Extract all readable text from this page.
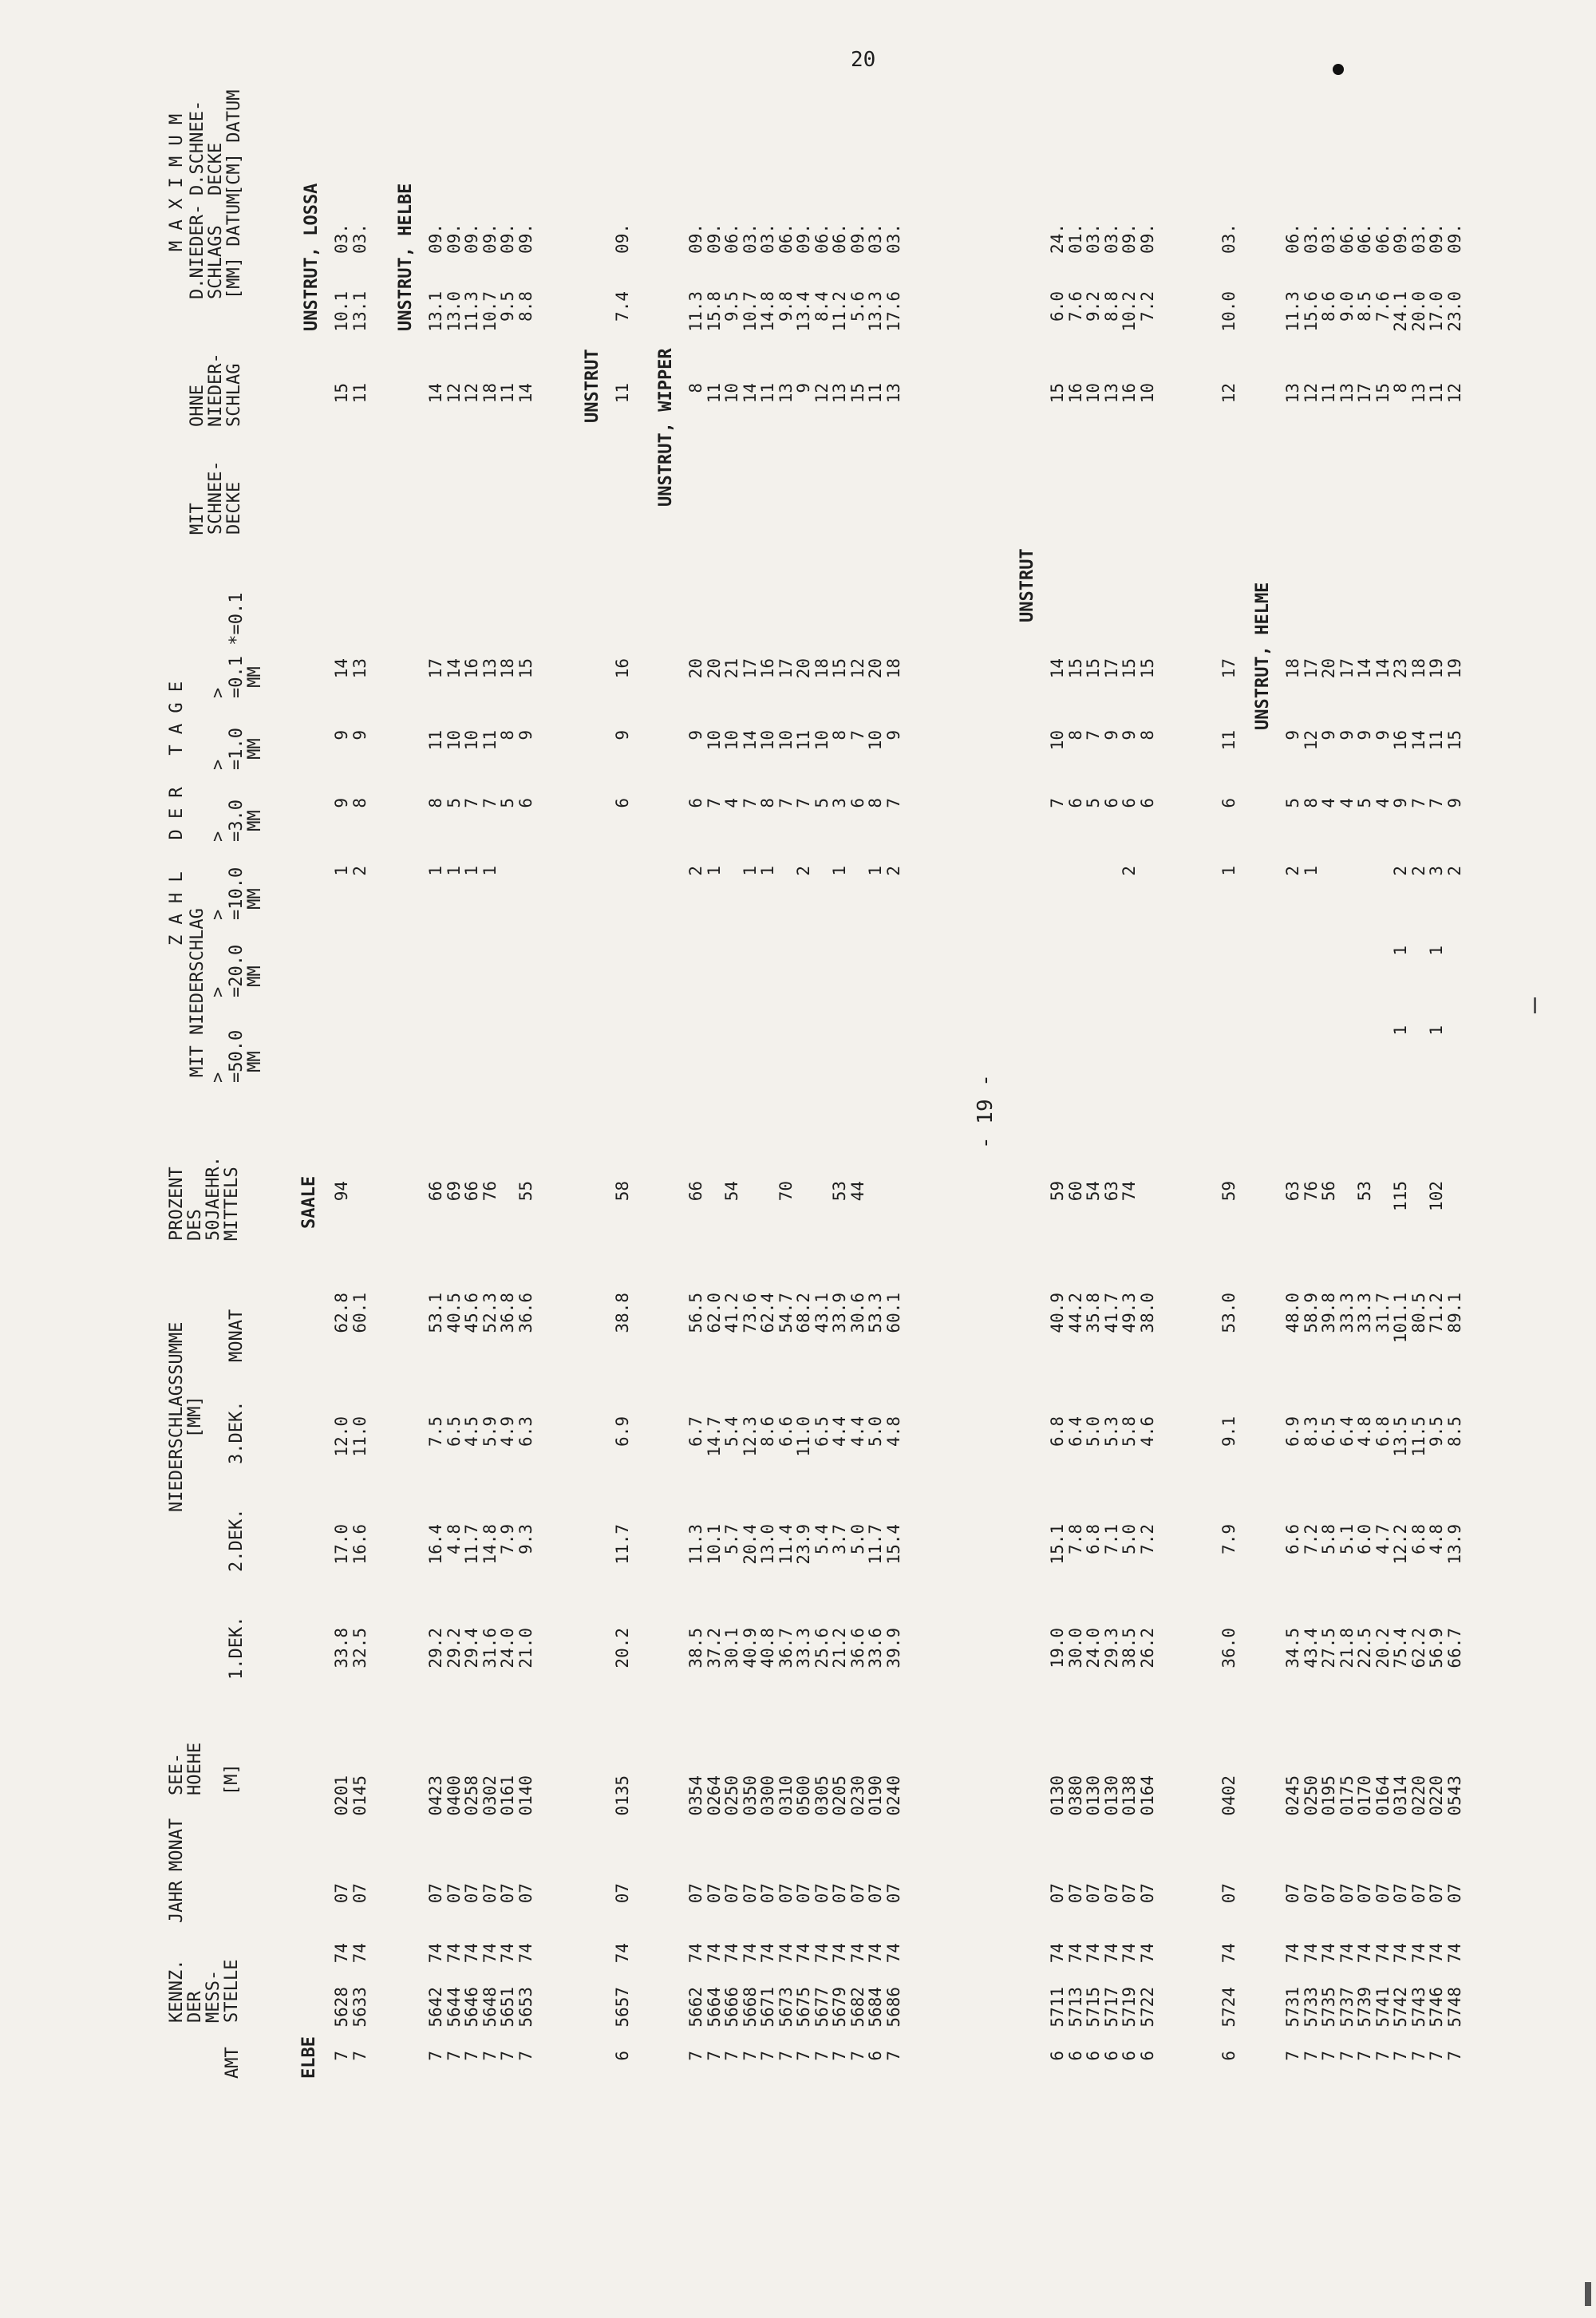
20
- 19 -
AMT
KENNZ.
DER
MESS-
STELLE
JAHR
MONAT
SEE-
HOEHE

[M]
NIEDERSCHLAGSSUMME
[MM]
1.DEK.
2.DEK.
3.DEK.
MONAT
PROZENT
DES
50JAEHR.
MITTELS
Z A H L   D E R   T A G E
MIT NIEDERSCHLAG
>
=50.0
MM
>
=20.0
MM
>
=10.0
MM
>
=3.0
MM
>
=1.0
MM
>
=0.1 *=0.1
MM
MIT
SCHNEE-
DECKE
OHNE
NIEDER-
SCHLAG
M A X I M U M
D.NIEDER-
SCHLAGS
[MM] DATUM
D.SCHNEE-
DECKE
[CM] DATUM
ELBE
SAALE
UNSTRUT, LOSSA
7
5628
74
07
0201
33.8
17.0
12.0
62.8
94
1
9
9
14
15
10.1
03.
7
5633
74
07
0145
32.5
16.6
11.0
60.1
2
8
9
13
11
13.1
03. UNSTRUT, HELBE
7
5642
74
07
0423
29.2
16.4
7.5
53.1
66
1
8
11
17
14
13.1
09.
7
5644
74
07
0400
29.2
4.8
6.5
40.5
69
1
5
10
14
12
13.0
09.
7
5646
74
07
0258
29.4
11.7
4.5
45.6
66
1
7
10
16
12
11.3
09.
7
5648
74
07
0302
31.6
14.8
5.9
52.3
76
1
7
11
13
18
10.7
09.
7
5651
74
07
0161
24.0
7.9
4.9
36.8
5
8
18
11
9.5
09.
7
5653
74
07
0140
21.0
9.3
6.3
36.6
55
6
9
15
14
8.8
09.
UNSTRUT
6
5657
74
07
0135
20.2
11.7
6.9
38.8
58
6
9
16
11
7.4
09.
UNSTRUT, WIPPER
7
5662
74
07
0354
38.5
11.3
6.7
56.5
66
2
6
9
20
8
11.3
09.
7
5664
74
07
0264
37.2
10.1
14.7
62.0
1
7
10
20
11
15.8
09.
7
5666
74
07
0250
30.1
5.7
5.4
41.2
54
4
10
21
10
9.5
06.
7
5668
74
07
0350
40.9
20.4
12.3
73.6
1
7
14
17
14
10.7
03.
7
5671
74
07
0300
40.8
13.0
8.6
62.4
1
8
10
16
11
14.8
03.
7
5673
74
07
0310
36.7
11.4
6.6
54.7
70
7
10
17
13
9.8
06.
7
5675
74
07
0500
33.3
23.9
11.0
68.2
2
7
11
20
9
13.4
09.
7
5677
74
07
0305
25.6
5.4
6.5
43.1
5
10
18
12
8.4
06.
7
5679
74
07
0205
21.2
3.7
4.4
33.9
53
1
3
8
15
13
11.2
06.
7
5682
74
07
0230
36.6
5.0
4.4
30.6
44
6
7
12
15
5.6
09.
6
5684
74
07
0190
33.6
11.7
5.0
53.3
1
8
10
20
11
13.3
03.
7
5686
74
07
0240
39.9
15.4
4.8
60.1
2
7
9
18
13
17.6
03.
UNSTRUT
6
5711
74
07
0130
19.0
15.1
6.8
40.9
59
7
10
14
15
6.0
24.
6
5713
74
07
0380
30.0
7.8
6.4
44.2
60
6
8
15
16
7.6
01.
6
5715
74
07
0130
24.0
6.8
5.0
35.8
54
5
7
15
10
9.2
03.
6
5717
74
07
0130
29.3
7.1
5.3
41.7
63
6
9
17
13
8.8
03.
6
5719
74
07
0138
38.5
5.0
5.8
49.3
74
2
6
9
15
16
10.2
09.
6
5722
74
07
0164
26.2
7.2
4.6
38.0
6
8
15
10
7.2
09.
6
5724
74
07
0402
36.0
7.9
9.1
53.0
59
1
6
11
17
12
10.0
03.
UNSTRUT, HELME
7
5731
74
07
0245
34.5
6.6
6.9
48.0
63
2
5
9
18
13
11.3
06.
7
5733
74
07
0250
43.4
7.2
8.3
58.9
76
1
8
12
17
12
15.6
03.
7
5735
74
07
0195
27.5
5.8
6.5
39.8
56
4
9
20
11
8.6
03.
7
5737
74
07
0175
21.8
5.1
6.4
33.3
4
9
17
13
9.0
06.
7
5739
74
07
0170
22.5
6.0
4.8
33.3
53
5
9
14
17
8.5
06.
7
5741
74
07
0164
20.2
4.7
6.8
31.7
4
9
14
15
7.6
06.
7
5742
74
07
0314
75.4
12.2
13.5
101.1
115
1
1
2
9
16
23
8
24.1
09.
7
5743
74
07
0220
62.2
6.8
11.5
80.5
2
7
14
18
13
20.0
03.
7
5746
74
07
0220
56.9
4.8
9.5
71.2
102
1
1
3
7
11
19
11
17.0
09.
7
5748
74
07
0543
66.7
13.9
8.5
89.1
2
9
15
19
12
23.0
09.
